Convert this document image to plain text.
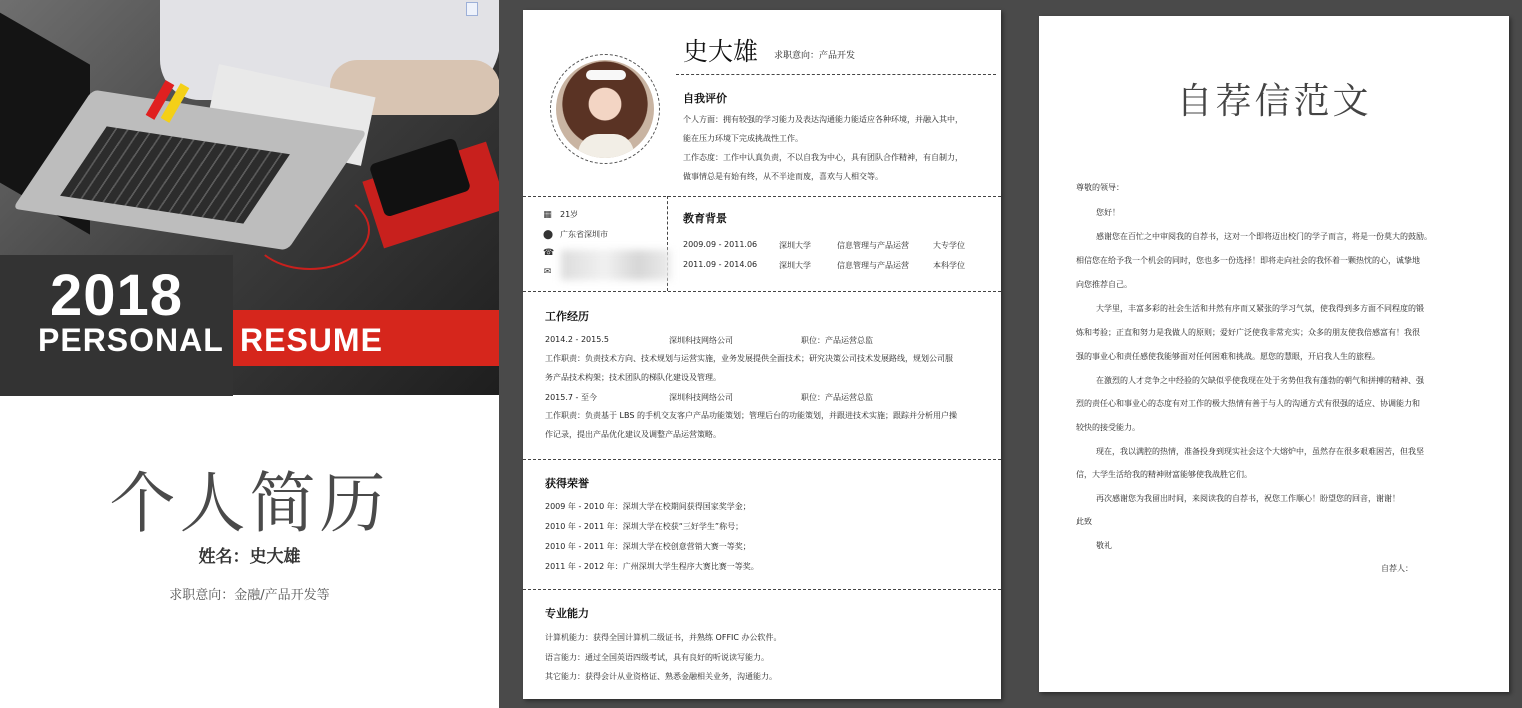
2018
PERSONAL RESUME
个人简历
姓名：史大雄
求职意向：金融/产品开发等
史大雄 求职意向：产品开发
自我评价
个人方面：拥有较强的学习能力及表达沟通能力能适应各种环境，并融入其中，
能在压力环境下完成挑战性工作。
工作态度：工作中认真负责，不以自我为中心，具有团队合作精神，有自制力，
做事情总是有始有终，从不半途而废，喜欢与人相交等。
▦ 21岁
⬤ 广东省深圳市
☎
✉
教育背景
2009.09 - 2011.06	深圳大学	信息管理与产品运营	大专学位
2011.09 - 2014.06	深圳大学	信息管理与产品运营	本科学位
工作经历
2014.2 - 2015.5	深圳科技网络公司	职位：产品运营总监
工作职责：负责技术方向、技术规划与运营实施，业务发展提供全面技术；研究决策公司技术发展路线，规划公司服
务产品技术构架；技术团队的梯队化建设及管理。
2015.7 - 至今	深圳科技网络公司	职位：产品运营总监
工作职责：负责基于 LBS 的手机交友客户产品功能策划；管理后台的功能策划，并跟进技术实施；跟踪并分析用户操
作记录，提出产品优化建议及调整产品运营策略。
获得荣誉
2009 年 - 2010 年：深圳大学在校期间获得国家奖学金；
2010 年 - 2011 年：深圳大学在校获“三好学生”称号；
2010 年 - 2011 年：深圳大学在校创意营销大赛一等奖；
2011 年 - 2012 年：广州深圳大学生程序大赛比赛一等奖。
专业能力
计算机能力：获得全国计算机二级证书，并熟练 OFFIC 办公软件。
语言能力：通过全国英语四级考试，具有良好的听说读写能力。
其它能力：获得会计从业资格证、熟悉金融相关业务，沟通能力。
自荐信范文
尊敬的领导：
您好！
感谢您在百忙之中审阅我的自荐书，这对一个即将迈出校门的学子而言，将是一份莫大的鼓励。
相信您在给予我一个机会的同时，您也多一份选择！即将走向社会的我怀着一颗热忱的心，诚挚地
向您推荐自己。
大学里，丰富多彩的社会生活和井然有序而又紧张的学习气氛，使我得到多方面不同程度的锻
炼和考验；正直和努力是我做人的原则；爱好广泛使我非常充实；众多的朋友使我倍感富有！我很
强的事业心和责任感使我能够面对任何困难和挑战。愿您的慧眼，开启我人生的旅程。
在激烈的人才竞争之中经验的欠缺似乎使我现在处于劣势但我有蓬勃的朝气和拼搏的精神、强
烈的责任心和事业心的态度有对工作的极大热情有善于与人的沟通方式有很强的适应、协调能力和
较快的接受能力。
现在，我以满腔的热情，准备投身到现实社会这个大熔炉中，虽然存在很多艰难困苦，但我坚
信，大学生活给我的精神财富能够使我战胜它们。
再次感谢您为我留出时间，来阅读我的自荐书，祝您工作顺心！盼望您的回音，谢谢！
此致
敬礼
自荐人：
